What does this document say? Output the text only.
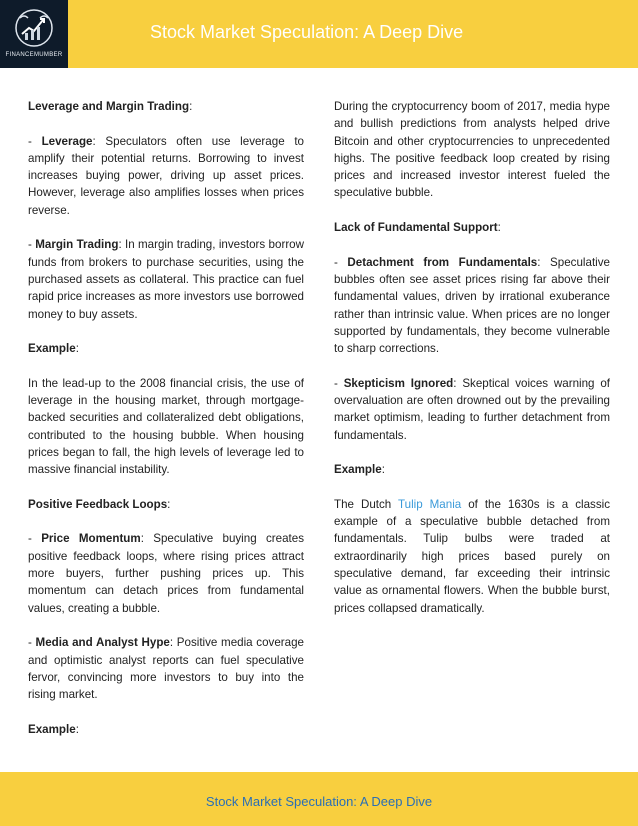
FINANCEMUMBER
Stock Market Speculation: A Deep Dive

Leverage and Margin Trading:

- Leverage: Speculators often use leverage to amplify their potential returns. Borrowing to invest increases buying power, driving up asset prices. However, leverage also amplifies losses when prices reverse.

- Margin Trading: In margin trading, investors borrow funds from brokers to purchase securities, using the purchased assets as collateral. This practice can fuel rapid price increases as more investors use borrowed money to buy assets.

Example:

In the lead-up to the 2008 financial crisis, the use of leverage in the housing market, through mortgage-backed securities and collateralized debt obligations, contributed to the housing bubble. When housing prices began to fall, the high levels of leverage led to massive financial instability.

Positive Feedback Loops:

- Price Momentum: Speculative buying creates positive feedback loops, where rising prices attract more buyers, further pushing prices up. This momentum can detach prices from fundamental values, creating a bubble.

- Media and Analyst Hype: Positive media coverage and optimistic analyst reports can fuel speculative fervor, convincing more investors to buy into the rising market.

Example:

During the cryptocurrency boom of 2017, media hype and bullish predictions from analysts helped drive Bitcoin and other cryptocurrencies to unprecedented highs. The positive feedback loop created by rising prices and increased investor interest fueled the speculative bubble.

Lack of Fundamental Support:

- Detachment from Fundamentals: Speculative bubbles often see asset prices rising far above their fundamental values, driven by irrational exuberance rather than intrinsic value. When prices are no longer supported by fundamentals, they become vulnerable to sharp corrections.

- Skepticism Ignored: Skeptical voices warning of overvaluation are often drowned out by the prevailing market optimism, leading to further detachment from fundamentals.

Example:

The Dutch Tulip Mania of the 1630s is a classic example of a speculative bubble detached from fundamentals. Tulip bulbs were traded at extraordinarily high prices based purely on speculative demand, far exceeding their intrinsic value as ornamental flowers. When the bubble burst, prices collapsed dramatically.

Stock Market Speculation: A Deep Dive
